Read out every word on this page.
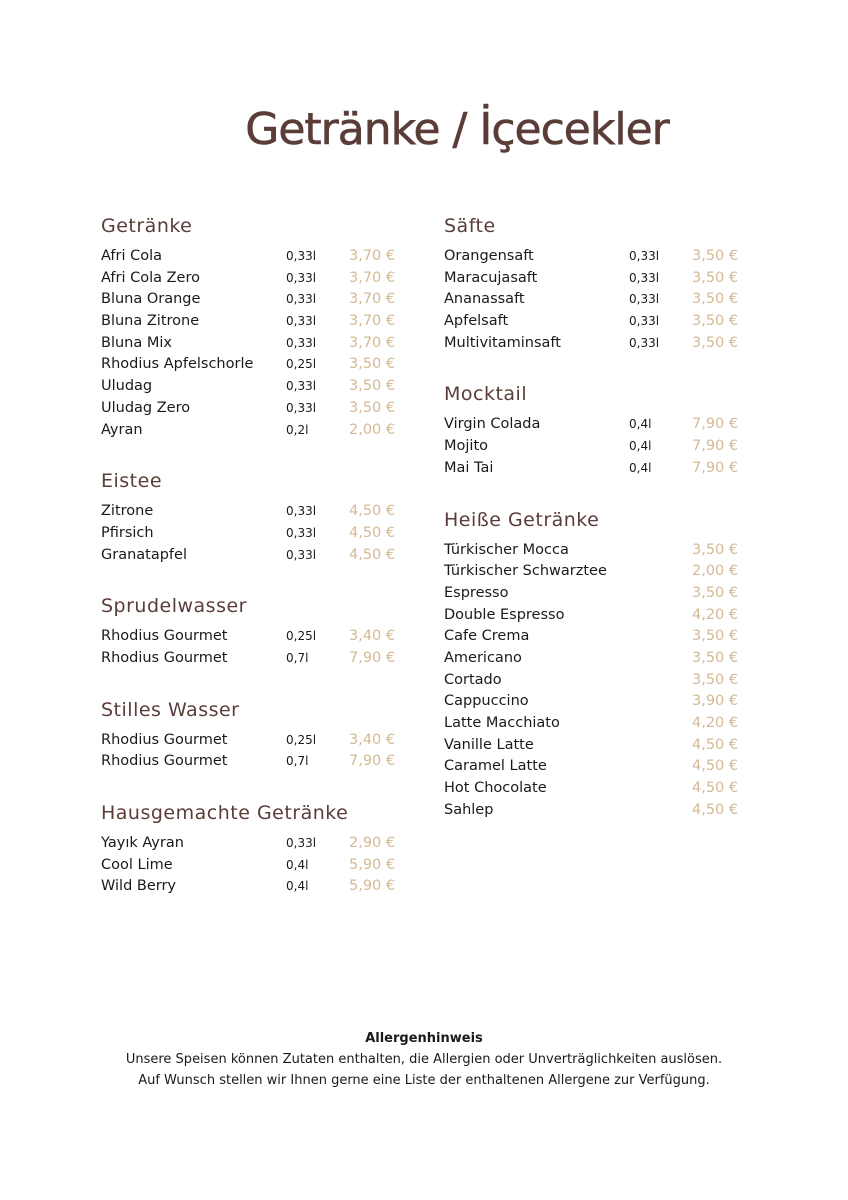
Getränke / İçecekler
Getränke
Afri Cola	0,33l 3,70 €
Afri Cola Zero	0,33l 3,70 €
Bluna Orange	0,33l 3,70 €
Bluna Zitrone	0,33l 3,70 €
Bluna Mix	0,33l 3,70 €
Rhodius Apfelschorle	0,25l 3,50 €
Uludag	0,33l 3,50 €
Uludag Zero	0,33l 3,50 €
Ayran	0,2l	2,00 €
Eistee
Zitrone	0,33l 4,50 €
Pfirsich	0,33l 4,50 €
Granatapfel	0,33l 4,50 €
Sprudelwasser
Rhodius Gourmet	0,25l 3,40 €
Rhodius Gourmet	0,7l	7,90 €
Stilles Wasser
Rhodius Gourmet	0,25l 3,40 €
Rhodius Gourmet	0,7l	7,90 €
Hausgemachte Getränke
Yayık Ayran	0,33l 2,90 €
Cool Lime	0,4l	5,90 €
Wild Berry	0,4l	5,90 €
Säfte
Orangensaft	0,33l 3,50 €
Maracujasaft	0,33l 3,50 €
Ananassaft	0,33l 3,50 €
Apfelsaft	0,33l 3,50 €
Multivitaminsaft	0,33l 3,50 €
Mocktail
Virgin Colada	0,4l	7,90 €
Mojito	0,4l	7,90 €
Mai Tai	0,4l	7,90 €
Heiße Getränke
Türkischer Mocca	3,50 €
Türkischer Schwarztee	2,00 €
Espresso	3,50 €
Double Espresso	4,20 €
Cafe Crema	3,50 €
Americano	3,50 €
Cortado	3,50 €
Cappuccino	3,90 €
Latte Macchiato	4,20 €
Vanille Latte	4,50 €
Caramel Latte	4,50 €
Hot Chocolate	4,50 €
Sahlep	4,50 €
Allergenhinweis
Unsere Speisen können Zutaten enthalten, die Allergien oder Unverträglichkeiten auslösen.
Auf Wunsch stellen wir Ihnen gerne eine Liste der enthaltenen Allergene zur Verfügung.
